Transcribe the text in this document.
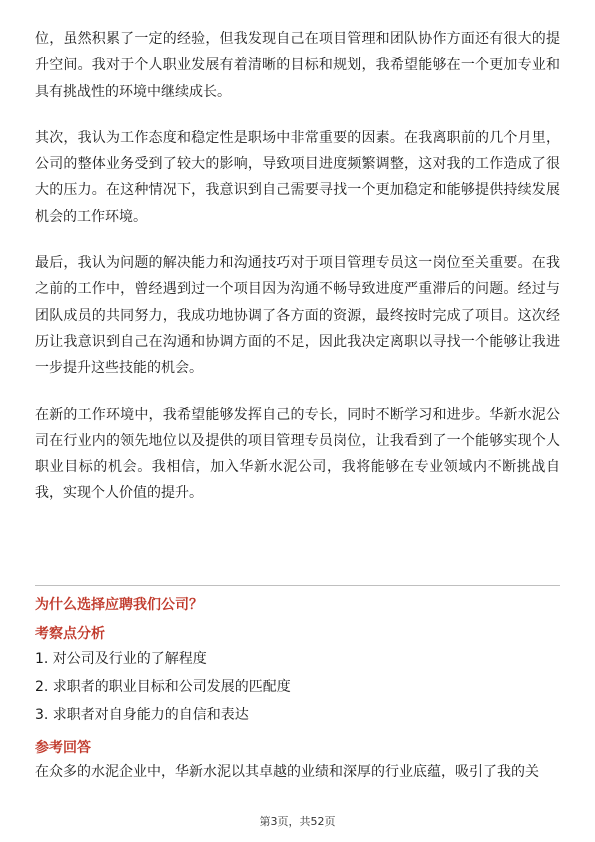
位，虽然积累了一定的经验，但我发现自己在项目管理和团队协作方面还有很大的提升空间。我对于个人职业发展有着清晰的目标和规划，我希望能够在一个更加专业和具有挑战性的环境中继续成长。

其次，我认为工作态度和稳定性是职场中非常重要的因素。在我离职前的几个月里，公司的整体业务受到了较大的影响，导致项目进度频繁调整，这对我的工作造成了很大的压力。在这种情况下，我意识到自己需要寻找一个更加稳定和能够提供持续发展机会的工作环境。

最后，我认为问题的解决能力和沟通技巧对于项目管理专员这一岗位至关重要。在我之前的工作中，曾经遇到过一个项目因为沟通不畅导致进度严重滞后的问题。经过与团队成员的共同努力，我成功地协调了各方面的资源，最终按时完成了项目。这次经历让我意识到自己在沟通和协调方面的不足，因此我决定离职以寻找一个能够让我进一步提升这些技能的机会。

在新的工作环境中，我希望能够发挥自己的专长，同时不断学习和进步。华新水泥公司在行业内的领先地位以及提供的项目管理专员岗位，让我看到了一个能够实现个人职业目标的机会。我相信，加入华新水泥公司，我将能够在专业领域内不断挑战自我，实现个人价值的提升。

为什么选择应聘我们公司？

考察点分析

1. 对公司及行业的了解程度
2. 求职者的职业目标和公司发展的匹配度
3. 求职者对自身能力的自信和表达

参考回答

在众多的水泥企业中，华新水泥以其卓越的业绩和深厚的行业底蕴，吸引了我的关

第3页，共52页
